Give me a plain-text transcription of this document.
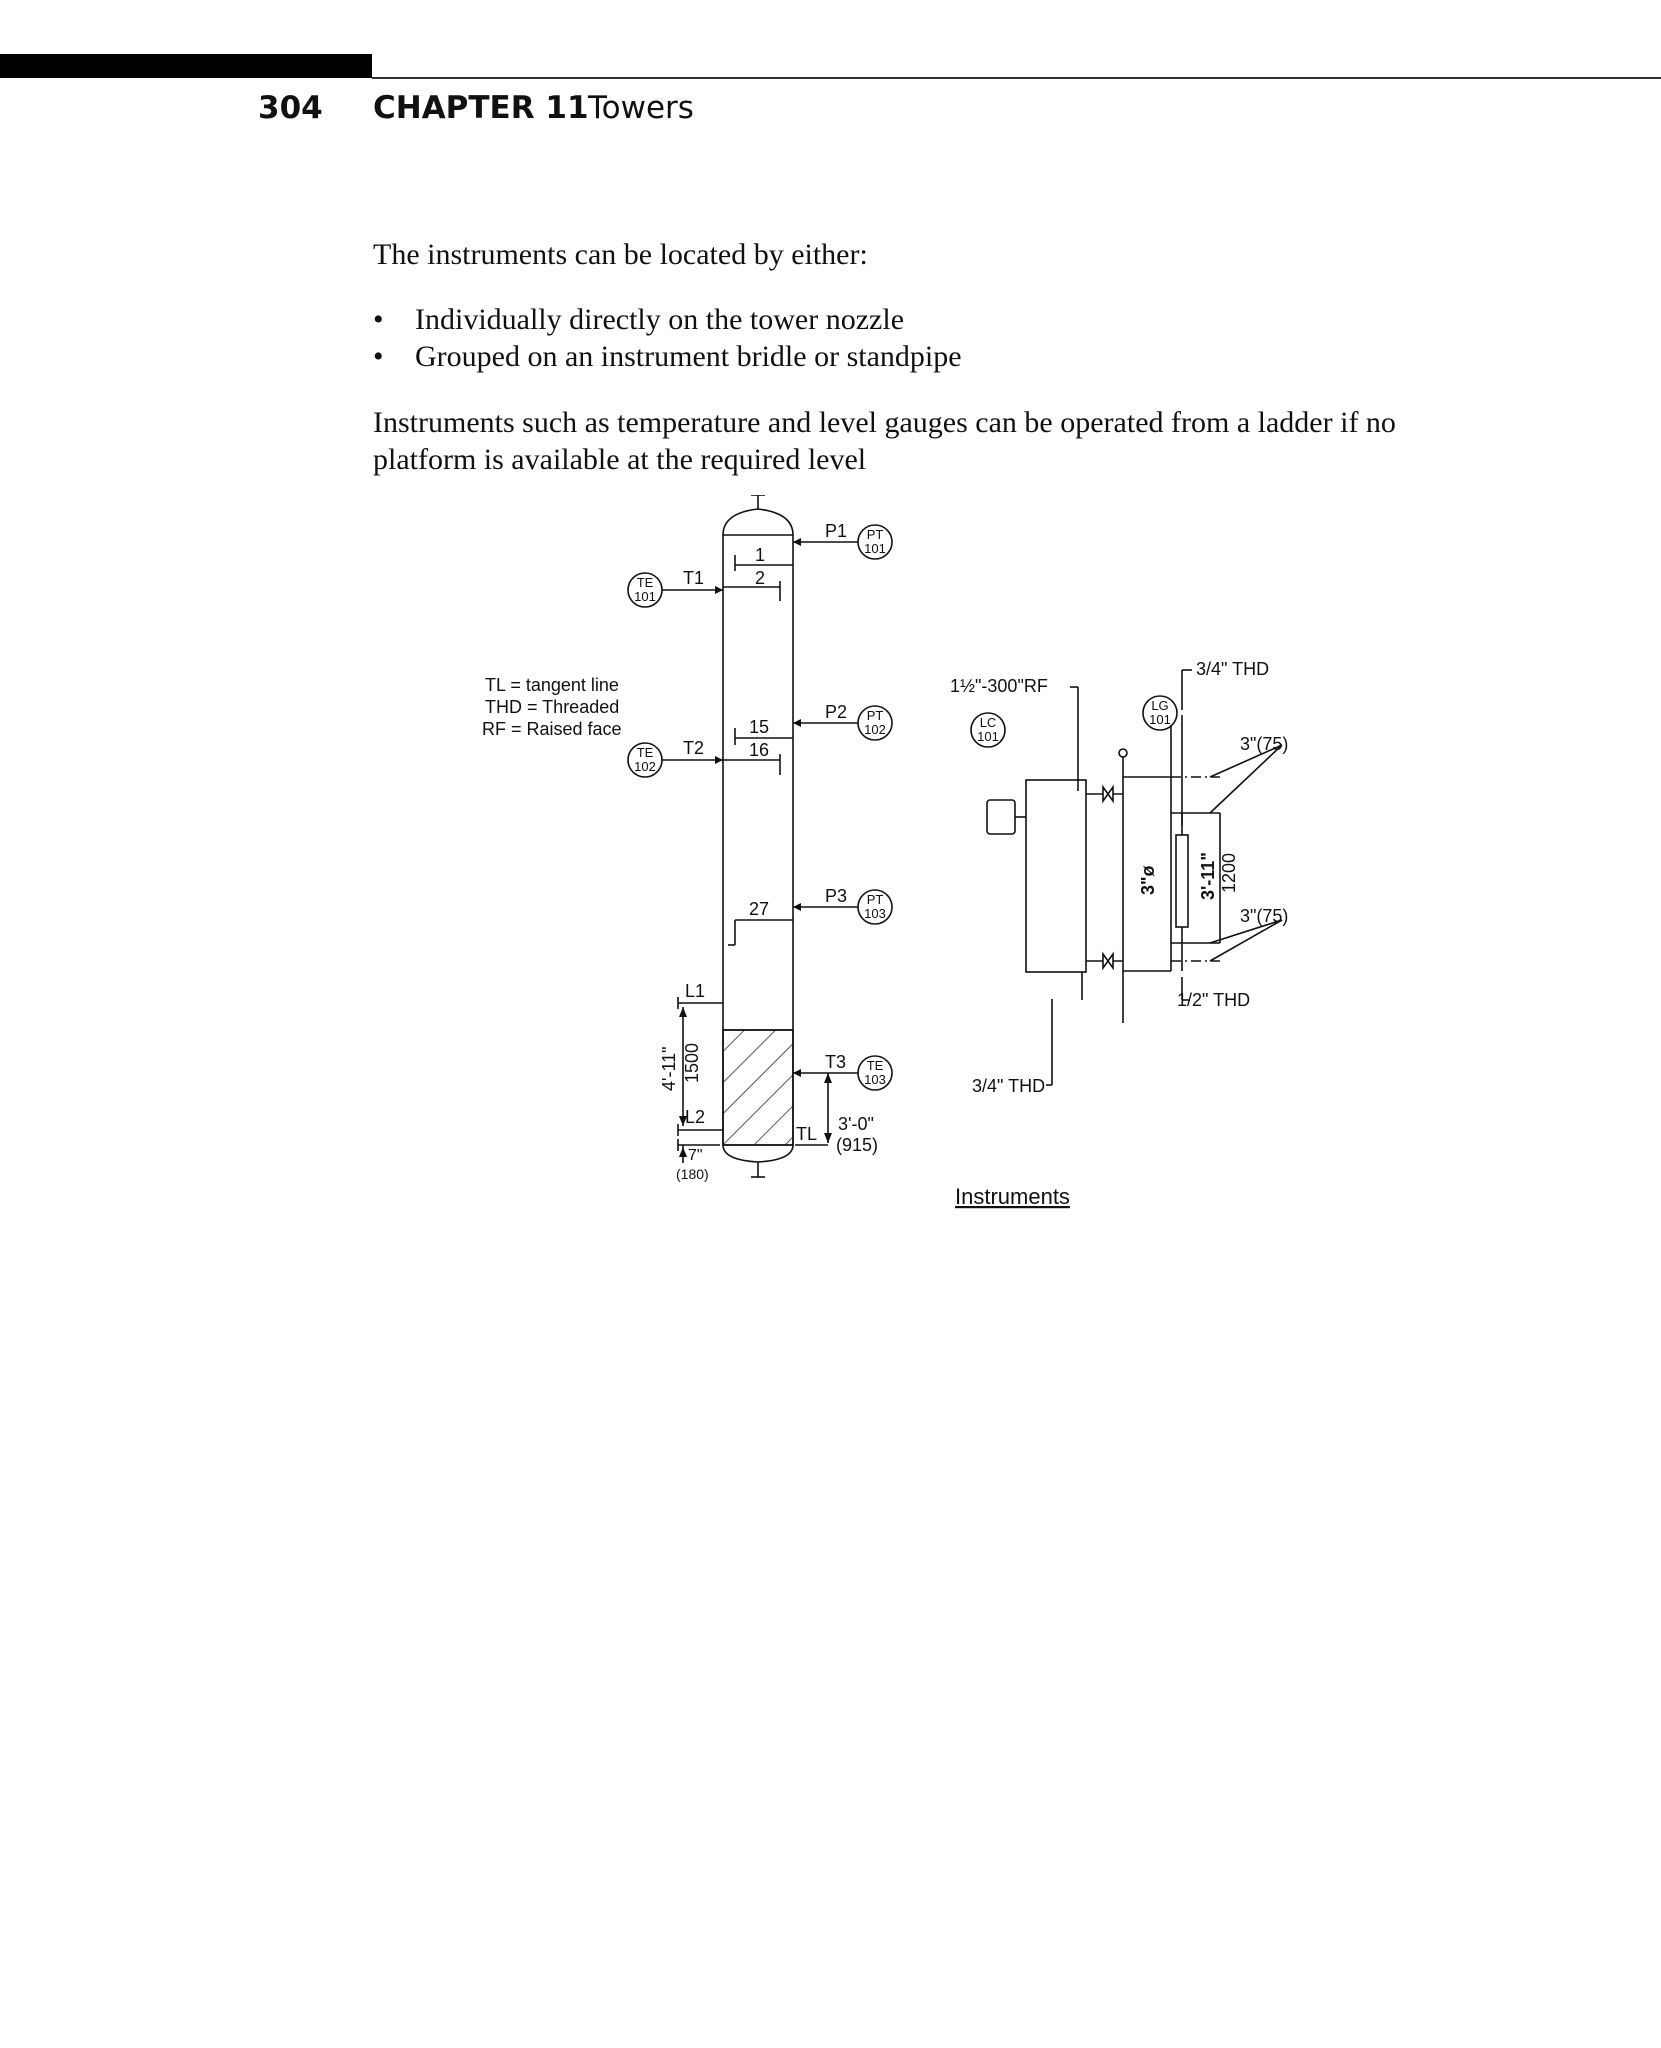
304 CHAPTER 11 Towers
The instruments can be located by either:
• Individually directly on the tower nozzle
• Grouped on an instrument bridle or standpipe
Instruments such as temperature and level gauges can be operated from a ladder if no platform is available at the required level
TL = tangent line
THD = Threaded
RF = Raised face
1
2
15
16
27
P1
P2
P3
T3
T1
T2
L1
L2
TL
PT
101
PT
102
PT
103
TE
103
TE
101
TE
102
LC
101
LG
101
4'-11" 1500
7"
(180)
3'-0"
(915)
1½"-300"RF
3/4" THD
3/4" THD
1/2" THD
3"(75)
3"(75)
3"ø 3'-11" 1200
Instruments
